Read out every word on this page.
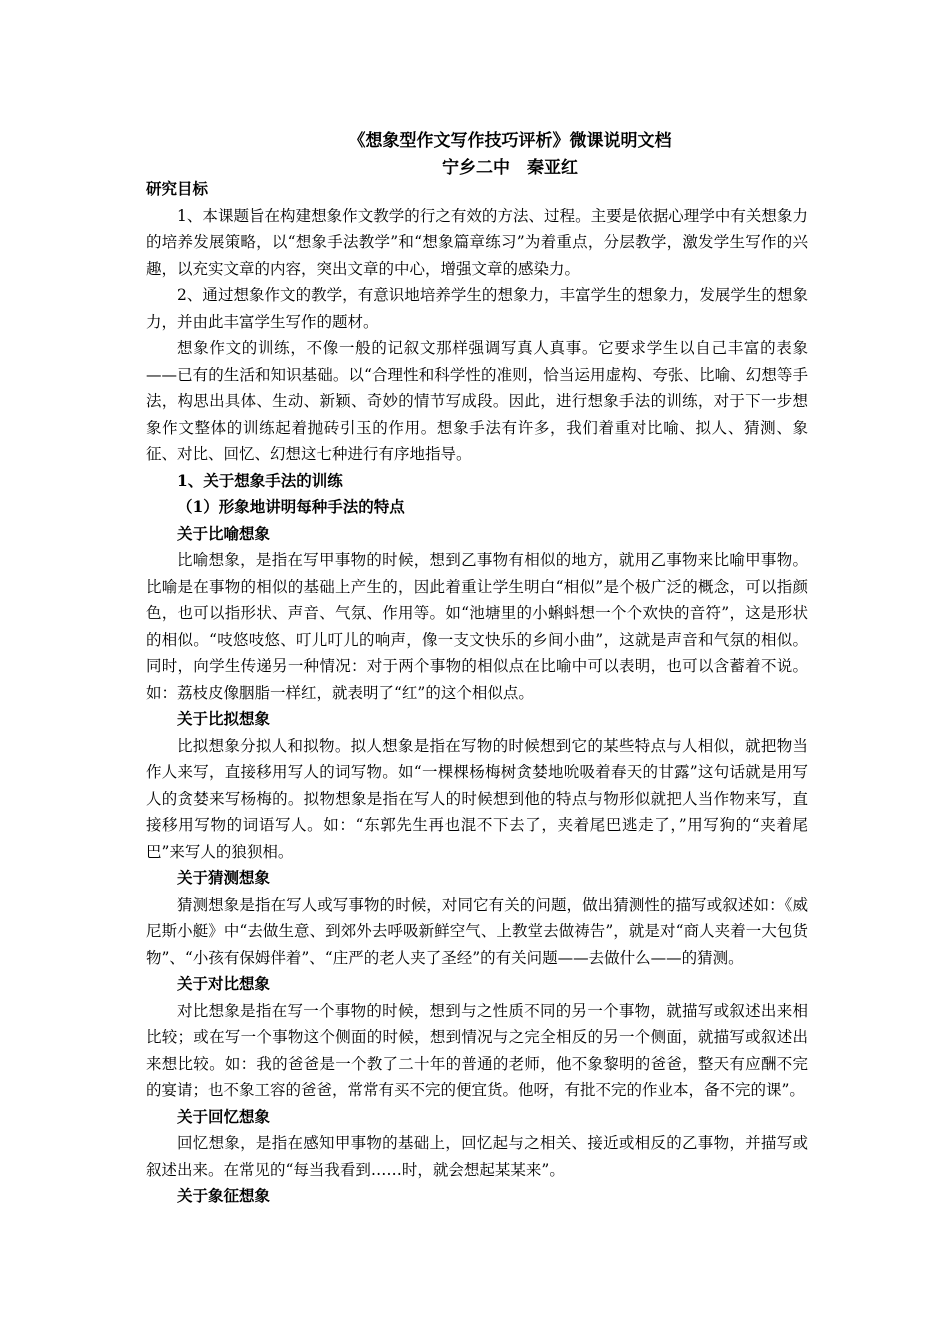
《想象型作文写作技巧评析》微课说明文档
宁乡二中　秦亚红

研究目标

1、本课题旨在构建想象作文教学的行之有效的方法、过程。主要是依据心理学中有关想象力的培养发展策略，以“想象手法教学”和“想象篇章练习”为着重点，分层教学，激发学生写作的兴趣，以充实文章的内容，突出文章的中心，增强文章的感染力。

2、通过想象作文的教学，有意识地培养学生的想象力，丰富学生的想象力，发展学生的想象力，并由此丰富学生写作的题材。

想象作文的训练，不像一般的记叙文那样强调写真人真事。它要求学生以自己丰富的表象——已有的生活和知识基础。以“合理性和科学性的准则，恰当运用虚构、夸张、比喻、幻想等手法，构思出具体、生动、新颖、奇妙的情节写成段。因此，进行想象手法的训练，对于下一步想象作文整体的训练起着抛砖引玉的作用。想象手法有许多，我们着重对比喻、拟人、猜测、象征、对比、回忆、幻想这七种进行有序地指导。

1、关于想象手法的训练

（1）形象地讲明每种手法的特点

关于比喻想象

比喻想象，是指在写甲事物的时候，想到乙事物有相似的地方，就用乙事物来比喻甲事物。比喻是在事物的相似的基础上产生的，因此着重让学生明白“相似”是个极广泛的概念，可以指颜色，也可以指形状、声音、气氛、作用等。如“池塘里的小蝌蚪想一个个欢快的音符”，这是形状的相似。“吱悠吱悠、叮儿叮儿的响声，像一支文快乐的乡间小曲”，这就是声音和气氛的相似。同时，向学生传递另一种情况：对于两个事物的相似点在比喻中可以表明，也可以含蓄着不说。如：荔枝皮像胭脂一样红，就表明了“红”的这个相似点。

关于比拟想象

比拟想象分拟人和拟物。拟人想象是指在写物的时候想到它的某些特点与人相似，就把物当作人来写，直接移用写人的词写物。如“一棵棵杨梅树贪婪地吮吸着春天的甘露”这句话就是用写人的贪婪来写杨梅的。拟物想象是指在写人的时候想到他的特点与物形似就把人当作物来写，直接移用写物的词语写人。如：“东郭先生再也混不下去了，夹着尾巴逃走了，”用写狗的“夹着尾巴”来写人的狼狈相。

关于猜测想象

猜测想象是指在写人或写事物的时候，对同它有关的问题，做出猜测性的描写或叙述如：《威尼斯小艇》中“去做生意、到郊外去呼吸新鲜空气、上教堂去做祷告”，就是对“商人夹着一大包货物”、“小孩有保姆伴着”、“庄严的老人夹了圣经”的有关问题——去做什么——的猜测。

关于对比想象

对比想象是指在写一个事物的时候，想到与之性质不同的另一个事物，就描写或叙述出来相比较；或在写一个事物这个侧面的时候，想到情况与之完全相反的另一个侧面，就描写或叙述出来想比较。如：我的爸爸是一个教了二十年的普通的老师，他不象黎明的爸爸，整天有应酬不完的宴请；也不象工容的爸爸，常常有买不完的便宜货。他呀，有批不完的作业本，备不完的课”。

关于回忆想象

回忆想象，是指在感知甲事物的基础上，回忆起与之相关、接近或相反的乙事物，并描写或叙述出来。在常见的“每当我看到……时，就会想起某某来”。

关于象征想象
